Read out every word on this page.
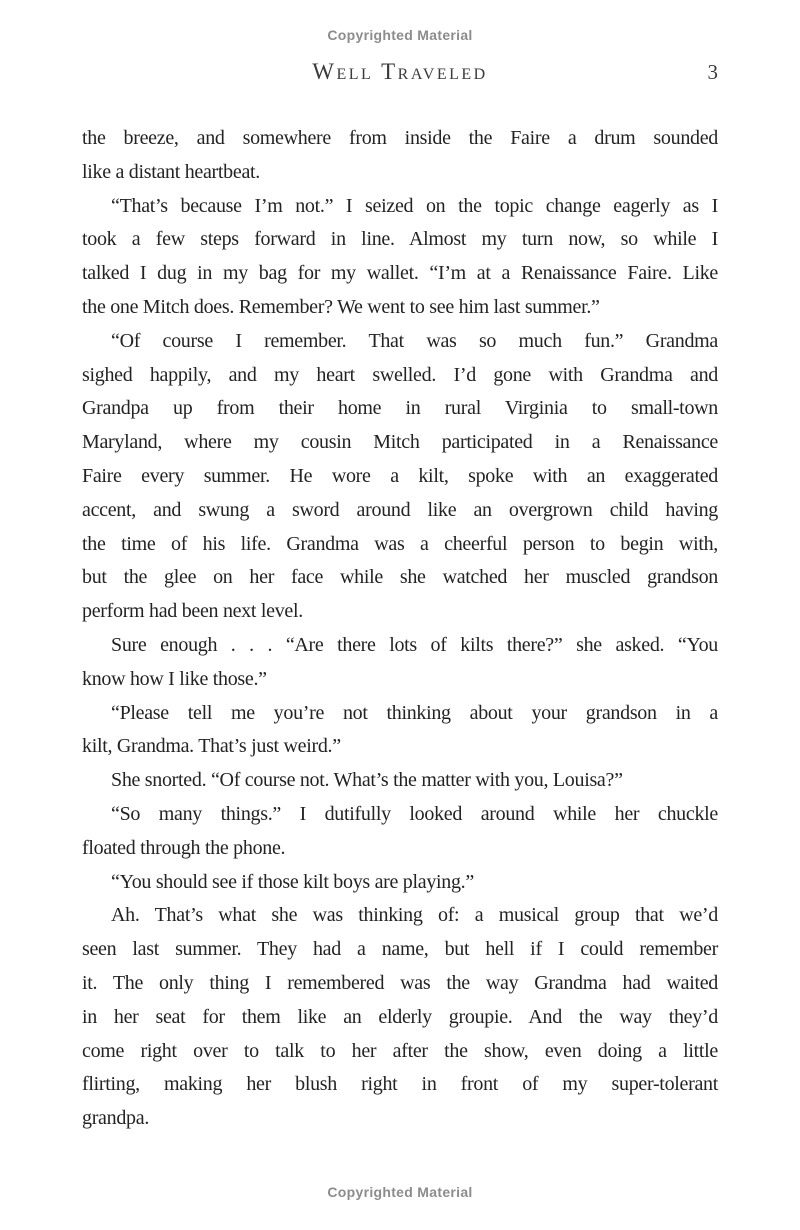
Copyrighted Material
Well Traveled	3
the breeze, and somewhere from inside the Faire a drum sounded
like a distant heartbeat.
“That’s because I’m not.” I seized on the topic change eagerly as I
took a few steps forward in line. Almost my turn now, so while I
talked I dug in my bag for my wallet. “I’m at a Renaissance Faire. Like
the one Mitch does. Remember? We went to see him last summer.”
“Of course I remember. That was so much fun.” Grandma
sighed happily, and my heart swelled. I’d gone with Grandma and
Grandpa up from their home in rural Virginia to small-town
Maryland, where my cousin Mitch participated in a Renaissance
Faire every summer. He wore a kilt, spoke with an exaggerated
accent, and swung a sword around like an overgrown child having
the time of his life. Grandma was a cheerful person to begin with,
but the glee on her face while she watched her muscled grandson
perform had been next level.
Sure enough . . . “Are there lots of kilts there?” she asked. “You
know how I like those.”
“Please tell me you’re not thinking about your grandson in a
kilt, Grandma. That’s just weird.”
She snorted. “Of course not. What’s the matter with you, Louisa?”
“So many things.” I dutifully looked around while her chuckle
floated through the phone.
“You should see if those kilt boys are playing.”
Ah. That’s what she was thinking of: a musical group that we’d
seen last summer. They had a name, but hell if I could remember
it. The only thing I remembered was the way Grandma had waited
in her seat for them like an elderly groupie. And the way they’d
come right over to talk to her after the show, even doing a little
flirting, making her blush right in front of my super-tolerant
grandpa.
Copyrighted Material
